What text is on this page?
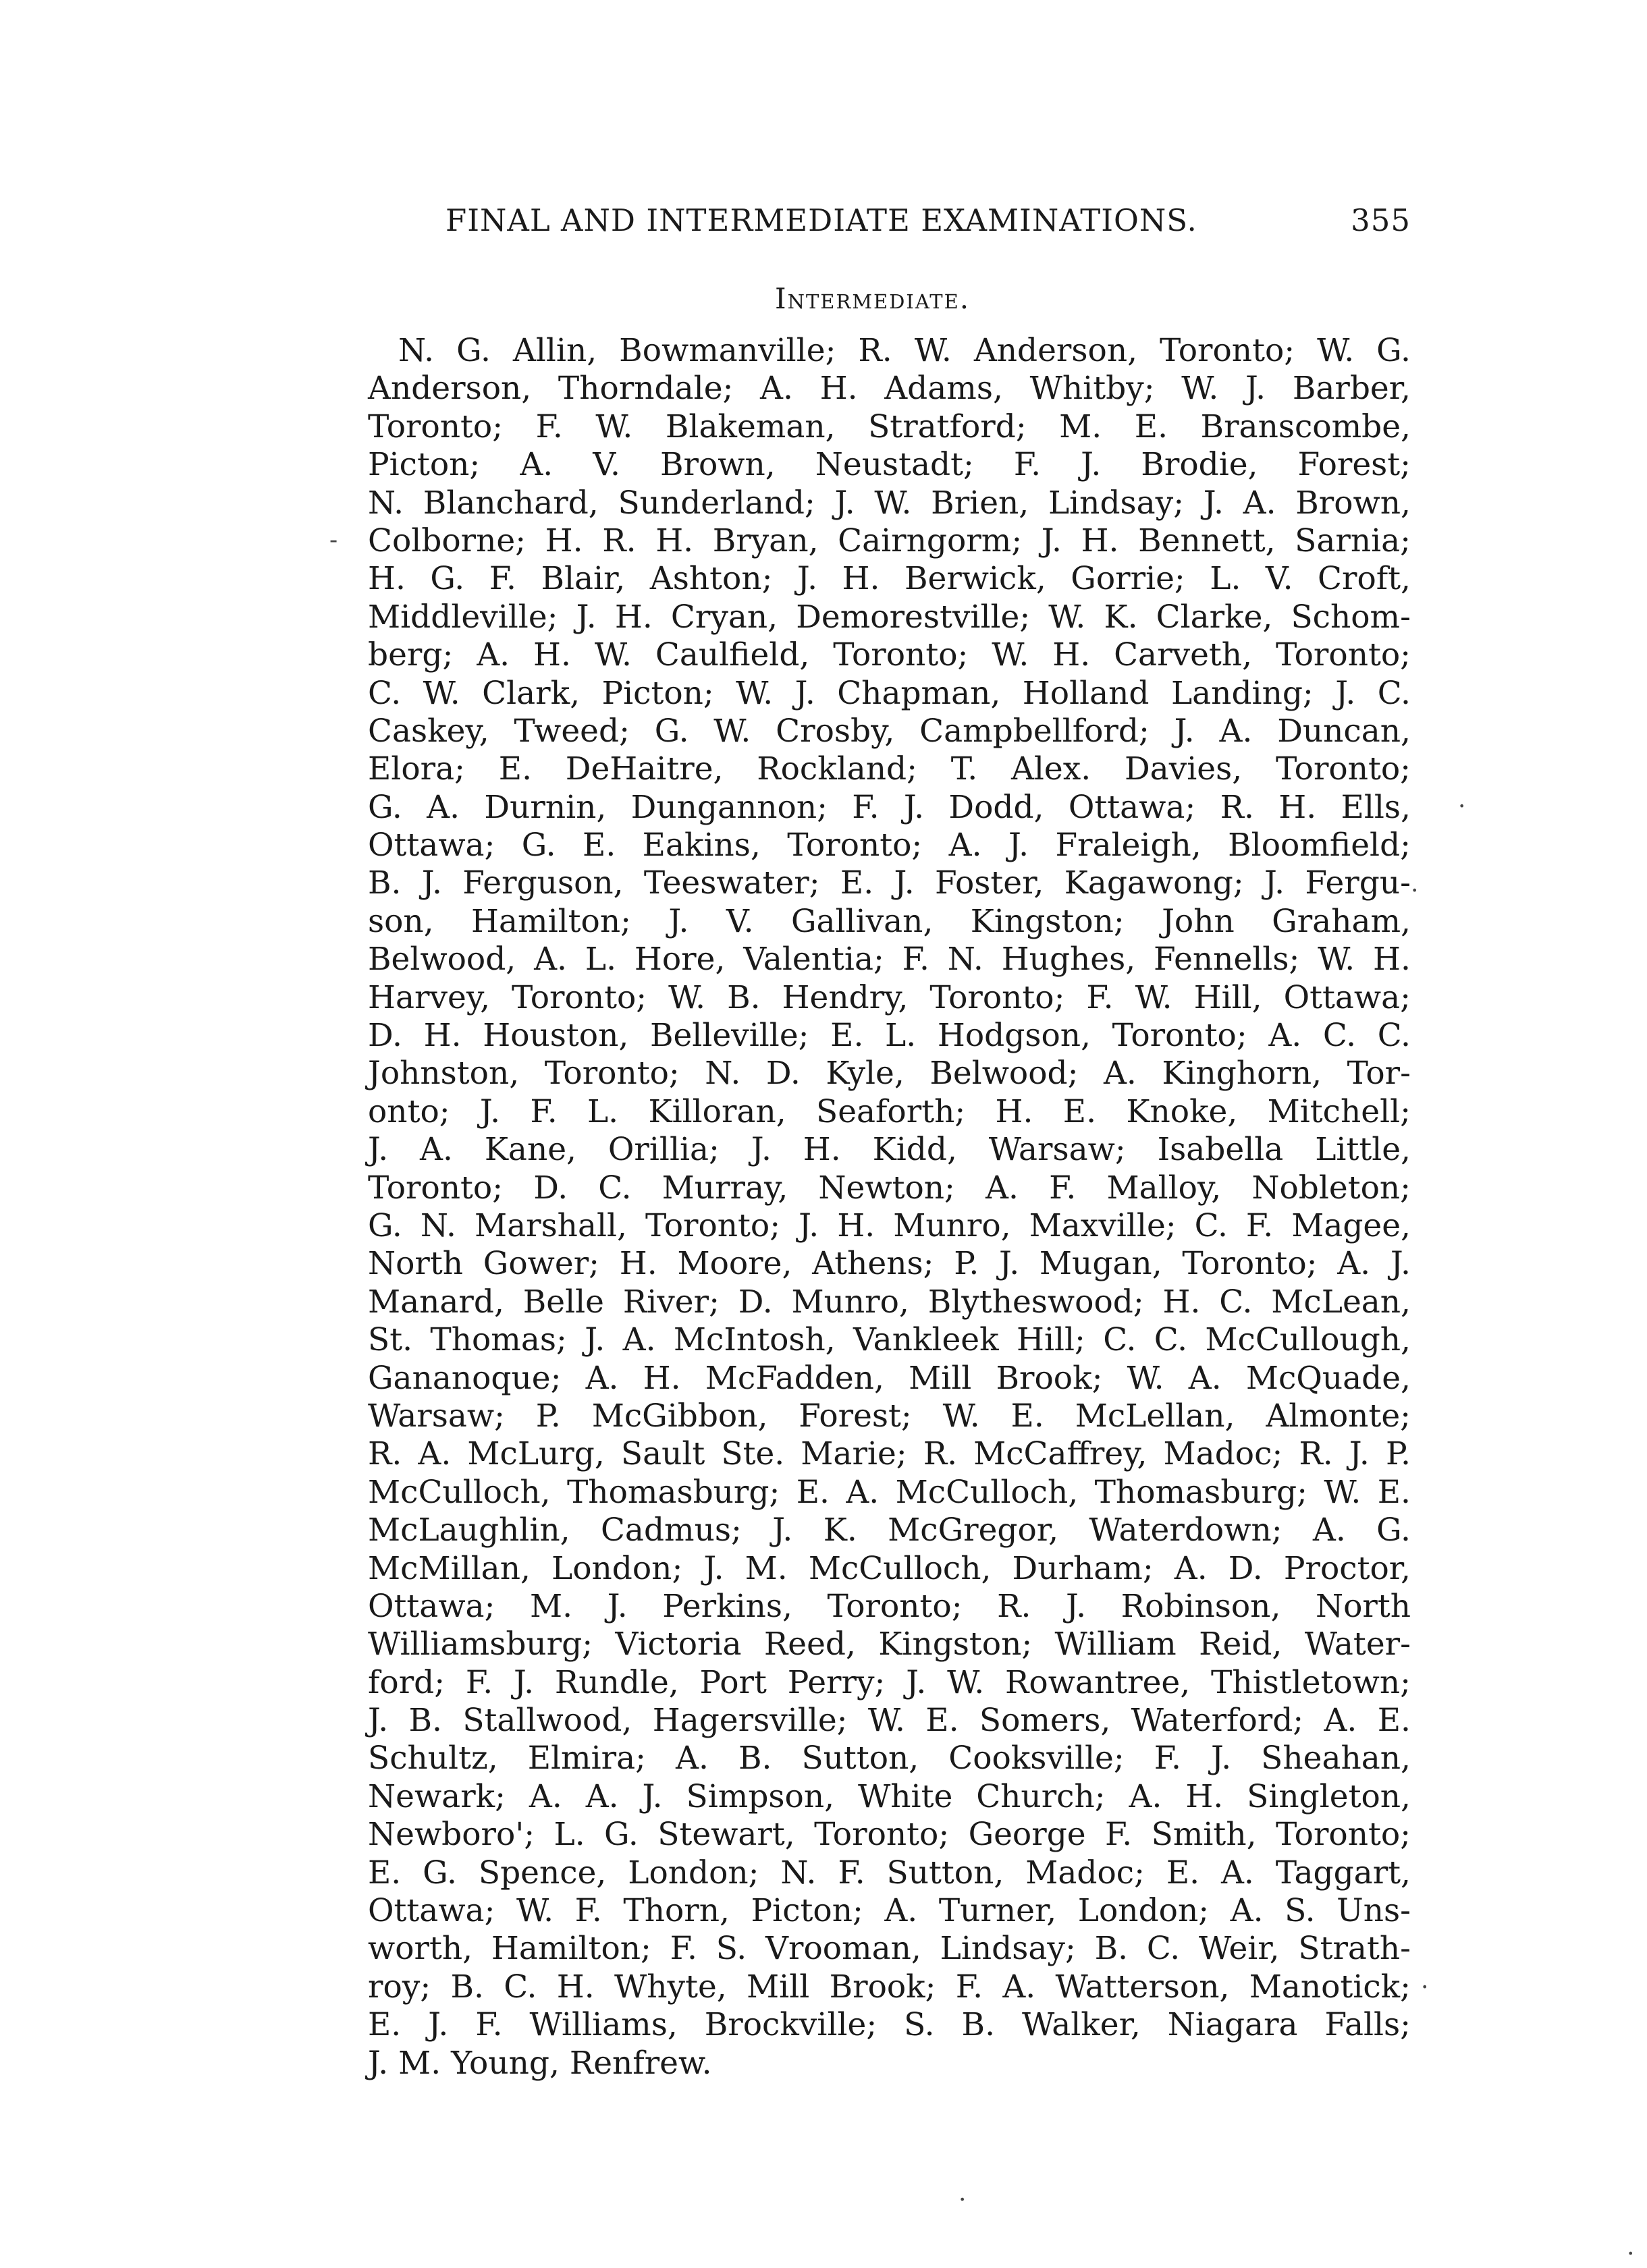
FINAL AND INTERMEDIATE EXAMINATIONS.	355
Intermediate.
N. G. Allin, Bowmanville; R. W. Anderson, Toronto; W. G.
Anderson, Thorndale; A. H. Adams, Whitby; W. J. Barber,
Toronto; F. W. Blakeman, Stratford; M. E. Branscombe,
Picton; A. V. Brown, Neustadt; F. J. Brodie, Forest;
N. Blanchard, Sunderland; J. W. Brien, Lindsay; J. A. Brown,
Colborne; H. R. H. Bryan, Cairngorm; J. H. Bennett, Sarnia;
H. G. F. Blair, Ashton; J. H. Berwick, Gorrie; L. V. Croft,
Middleville; J. H. Cryan, Demorestville; W. K. Clarke, Schom-
berg; A. H. W. Caulfield, Toronto; W. H. Carveth, Toronto;
C. W. Clark, Picton; W. J. Chapman, Holland Landing; J. C.
Caskey, Tweed; G. W. Crosby, Campbellford; J. A. Duncan,
Elora; E. DeHaitre, Rockland; T. Alex. Davies, Toronto;
G. A. Durnin, Dungannon; F. J. Dodd, Ottawa; R. H. Ells,
Ottawa; G. E. Eakins, Toronto; A. J. Fraleigh, Bloomfield;
B. J. Ferguson, Teeswater; E. J. Foster, Kagawong; J. Fergu-
son, Hamilton; J. V. Gallivan, Kingston; John Graham,
Belwood, A. L. Hore, Valentia; F. N. Hughes, Fennells; W. H.
Harvey, Toronto; W. B. Hendry, Toronto; F. W. Hill, Ottawa;
D. H. Houston, Belleville; E. L. Hodgson, Toronto; A. C. C.
Johnston, Toronto; N. D. Kyle, Belwood; A. Kinghorn, Tor-
onto; J. F. L. Killoran, Seaforth; H. E. Knoke, Mitchell;
J. A. Kane, Orillia; J. H. Kidd, Warsaw; Isabella Little,
Toronto; D. C. Murray, Newton; A. F. Malloy, Nobleton;
G. N. Marshall, Toronto; J. H. Munro, Maxville; C. F. Magee,
North Gower; H. Moore, Athens; P. J. Mugan, Toronto; A. J.
Manard, Belle River; D. Munro, Blytheswood; H. C. McLean,
St. Thomas; J. A. McIntosh, Vankleek Hill; C. C. McCullough,
Gananoque; A. H. McFadden, Mill Brook; W. A. McQuade,
Warsaw; P. McGibbon, Forest; W. E. McLellan, Almonte;
R. A. McLurg, Sault Ste. Marie; R. McCaffrey, Madoc; R. J. P.
McCulloch, Thomasburg; E. A. McCulloch, Thomasburg; W. E.
McLaughlin, Cadmus; J. K. McGregor, Waterdown; A. G.
McMillan, London; J. M. McCulloch, Durham; A. D. Proctor,
Ottawa; M. J. Perkins, Toronto; R. J. Robinson, North
Williamsburg; Victoria Reed, Kingston; William Reid, Water-
ford; F. J. Rundle, Port Perry; J. W. Rowantree, Thistletown;
J. B. Stallwood, Hagersville; W. E. Somers, Waterford; A. E.
Schultz, Elmira; A. B. Sutton, Cooksville; F. J. Sheahan,
Newark; A. A. J. Simpson, White Church; A. H. Singleton,
Newboro'; L. G. Stewart, Toronto; George F. Smith, Toronto;
E. G. Spence, London; N. F. Sutton, Madoc; E. A. Taggart,
Ottawa; W. F. Thorn, Picton; A. Turner, London; A. S. Uns-
worth, Hamilton; F. S. Vrooman, Lindsay; B. C. Weir, Strath-
roy; B. C. H. Whyte, Mill Brook; F. A. Watterson, Manotick;
E. J. F. Williams, Brockville; S. B. Walker, Niagara Falls;
J. M. Young, Renfrew.
-
·
·
·
·
·
